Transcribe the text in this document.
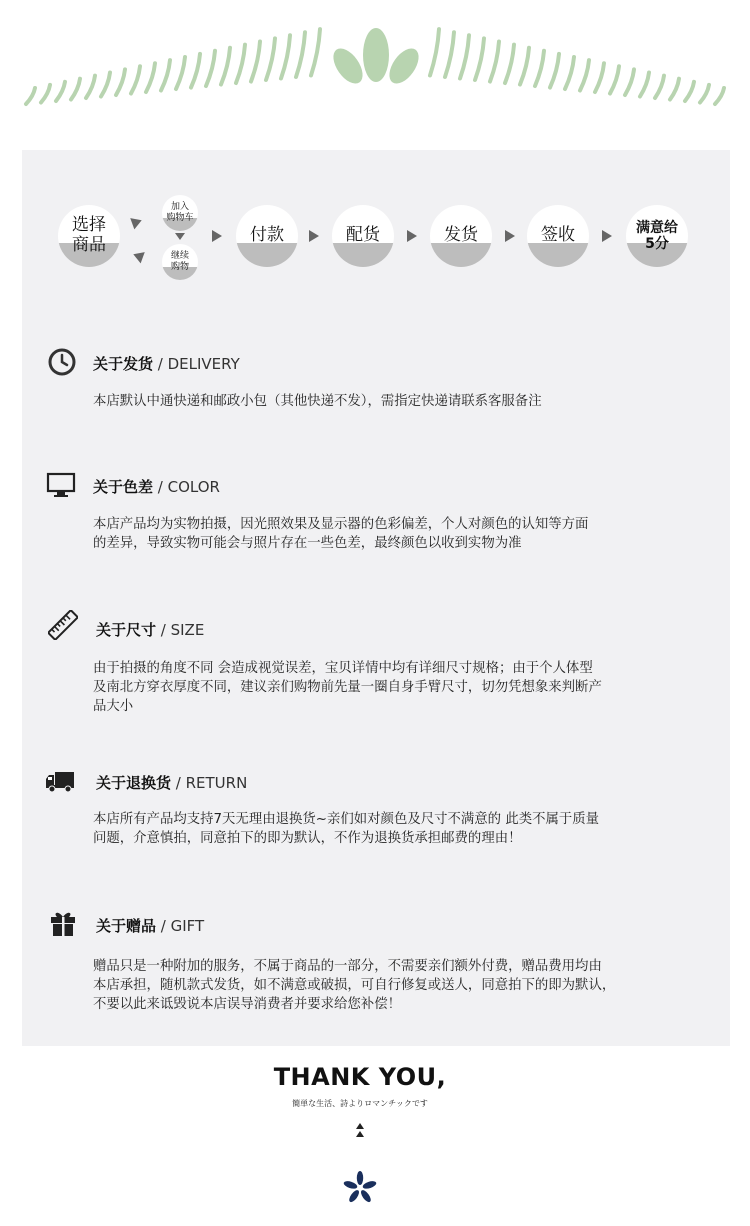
选择
商品
加入
购物车
继续
购物
付款	配货	发货	签收	满意给
5分
关于发货 / DELIVERY

本店默认中通快递和邮政小包（其他快递不发），需指定快递请联系客服备注

关于色差 / COLOR

本店产品均为实物拍摄，因光照效果及显示器的色彩偏差，个人对颜色的认知等方面

的差异，导致实物可能会与照片存在一些色差，最终颜色以收到实物为准

关于尺寸 / SIZE

由于拍摄的角度不同 会造成视觉误差，宝贝详情中均有详细尺寸规格；由于个人体型

及南北方穿衣厚度不同，建议亲们购物前先量一圈自身手臂尺寸，切勿凭想象来判断产

品大小

关于退换货 / RETURN

本店所有产品均支持7天无理由退换货~亲们如对颜色及尺寸不满意的 此类不属于质量

问题，介意慎拍，同意拍下的即为默认，不作为退换货承担邮费的理由！

关于赠品 / GIFT

赠品只是一种附加的服务，不属于商品的一部分，不需要亲们额外付费，赠品费用均由

本店承担，随机款式发货，如不满意或破损，可自行修复或送人，同意拍下的即为默认，

不要以此来诋毁说本店误导消费者并要求给您补偿！

THANK YOU,
簡単な生活、詩よりロマンチックです
